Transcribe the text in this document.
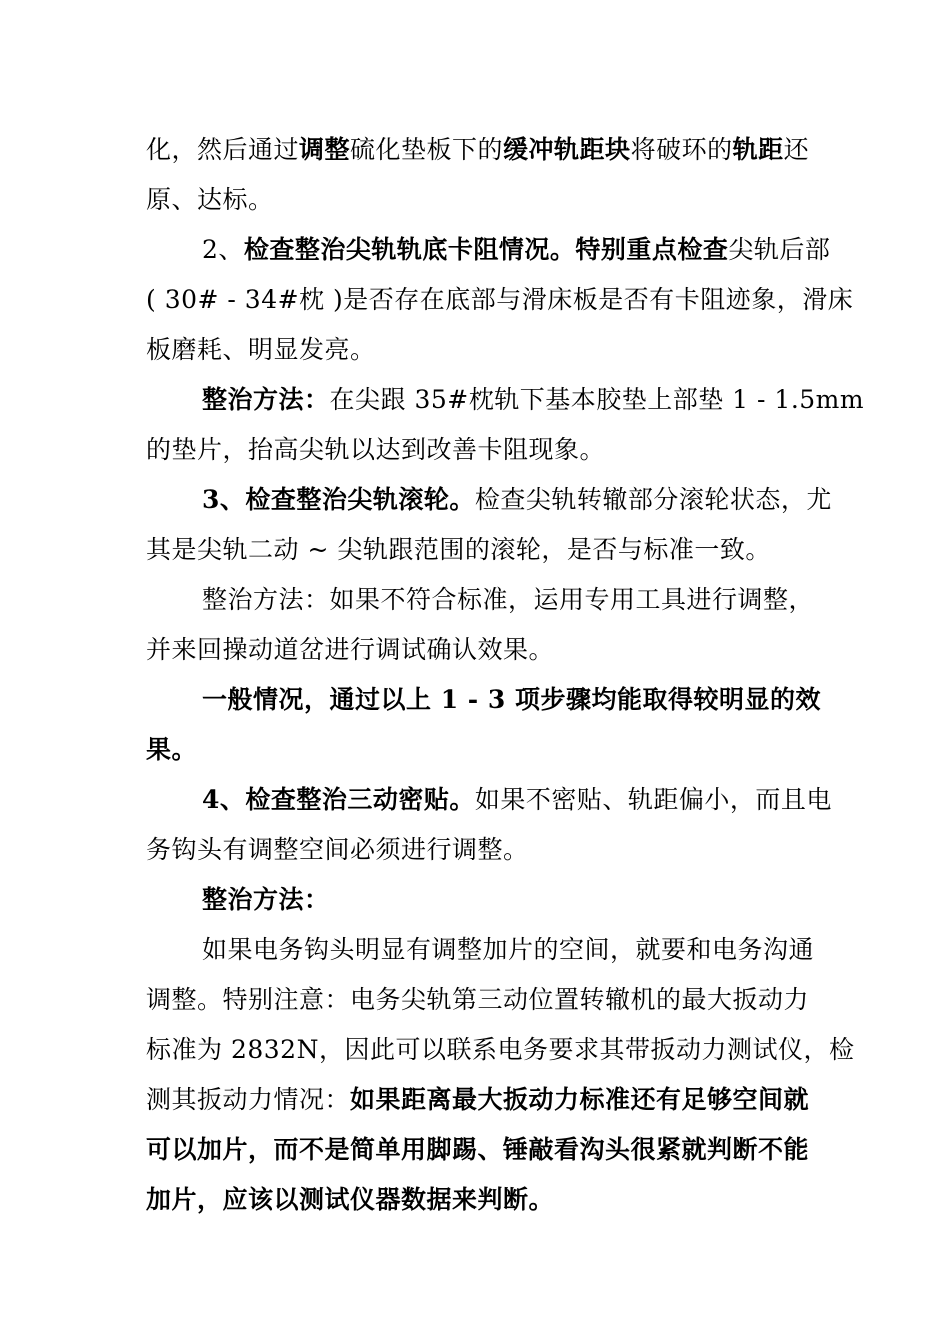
化，然后通过调整硫化垫板下的缓冲轨距块将破环的轨距还
原、达标。
2、检查整治尖轨轨底卡阻情况。特别重点检查尖轨后部
( 30# - 34#枕 )是否存在底部与滑床板是否有卡阻迹象，滑床
板磨耗、明显发亮。
整治方法：在尖跟 35#枕轨下基本胶垫上部垫 1 - 1.5mm
的垫片，抬高尖轨以达到改善卡阻现象。
3、检查整治尖轨滚轮。检查尖轨转辙部分滚轮状态，尤
其是尖轨二动 ~ 尖轨跟范围的滚轮，是否与标准一致。
整治方法：如果不符合标准，运用专用工具进行调整，
并来回操动道岔进行调试确认效果。
一般情况，通过以上 1 - 3 项步骤均能取得较明显的效
果。
4、检查整治三动密贴。如果不密贴、轨距偏小，而且电
务钩头有调整空间必须进行调整。
整治方法：
如果电务钩头明显有调整加片的空间，就要和电务沟通
调整。特别注意：电务尖轨第三动位置转辙机的最大扳动力
标准为 2832N，因此可以联系电务要求其带扳动力测试仪，检
测其扳动力情况：如果距离最大扳动力标准还有足够空间就
可以加片，而不是简单用脚踢、锤敲看沟头很紧就判断不能
加片，应该以测试仪器数据来判断。
